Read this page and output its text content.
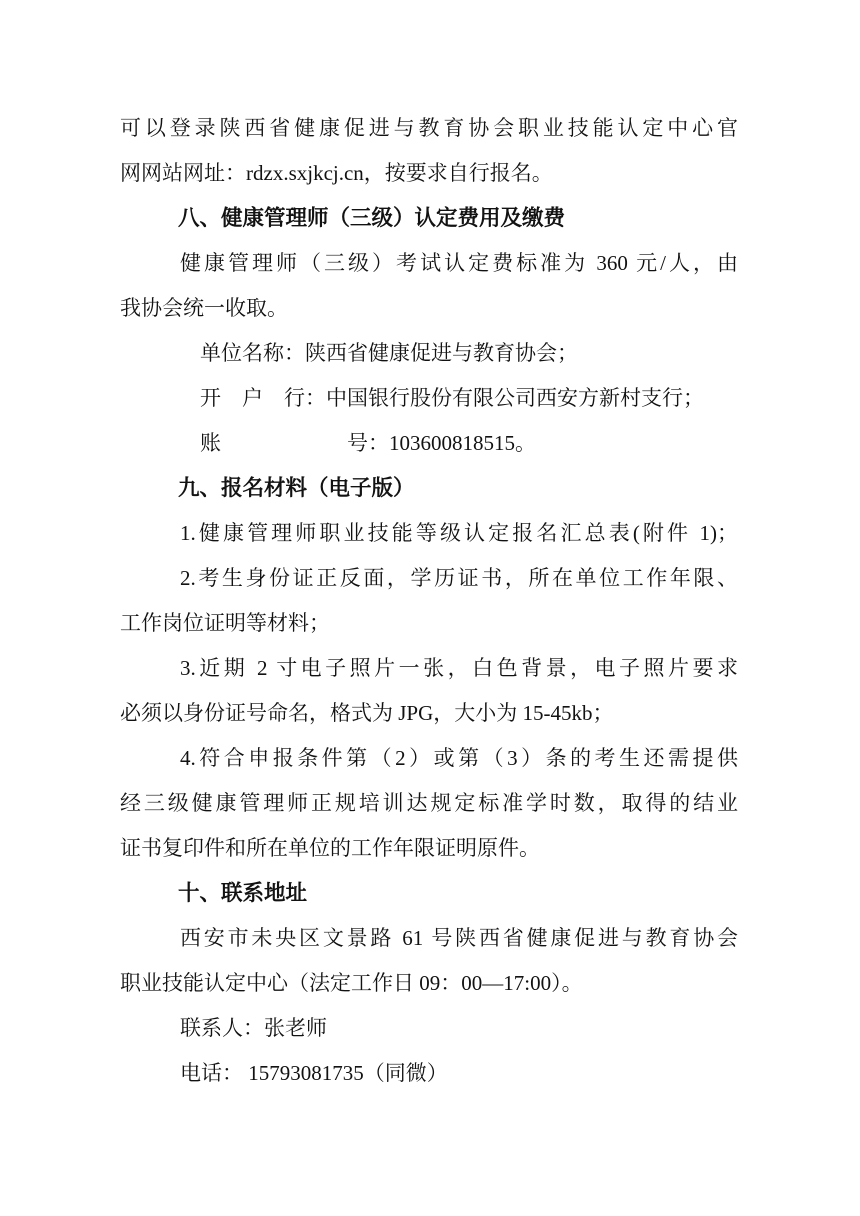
可以登录陕西省健康促进与教育协会职业技能认定中心官
网网站网址：rdzx.sxjkcj.cn，按要求自行报名。
八、健康管理师（三级）认定费用及缴费
健康管理师（三级）考试认定费标准为 360 元/人，由
我协会统一收取。
单位名称：陕西省健康促进与教育协会；
开　户　行：中国银行股份有限公司西安方新村支行；
账　　　　　　号：103600818515。
九、报名材料（电子版）
1.健康管理师职业技能等级认定报名汇总表(附件 1)；
2.考生身份证正反面，学历证书，所在单位工作年限、
工作岗位证明等材料；
3.近期 2 寸电子照片一张，白色背景，电子照片要求
必须以身份证号命名，格式为 JPG，大小为 15-45kb；
4.符合申报条件第（2）或第（3）条的考生还需提供
经三级健康管理师正规培训达规定标准学时数，取得的结业
证书复印件和所在单位的工作年限证明原件。
十、联系地址
西安市未央区文景路 61 号陕西省健康促进与教育协会
职业技能认定中心（法定工作日 09：00—17:00）。
联系人：张老师
电话： 15793081735（同微）
